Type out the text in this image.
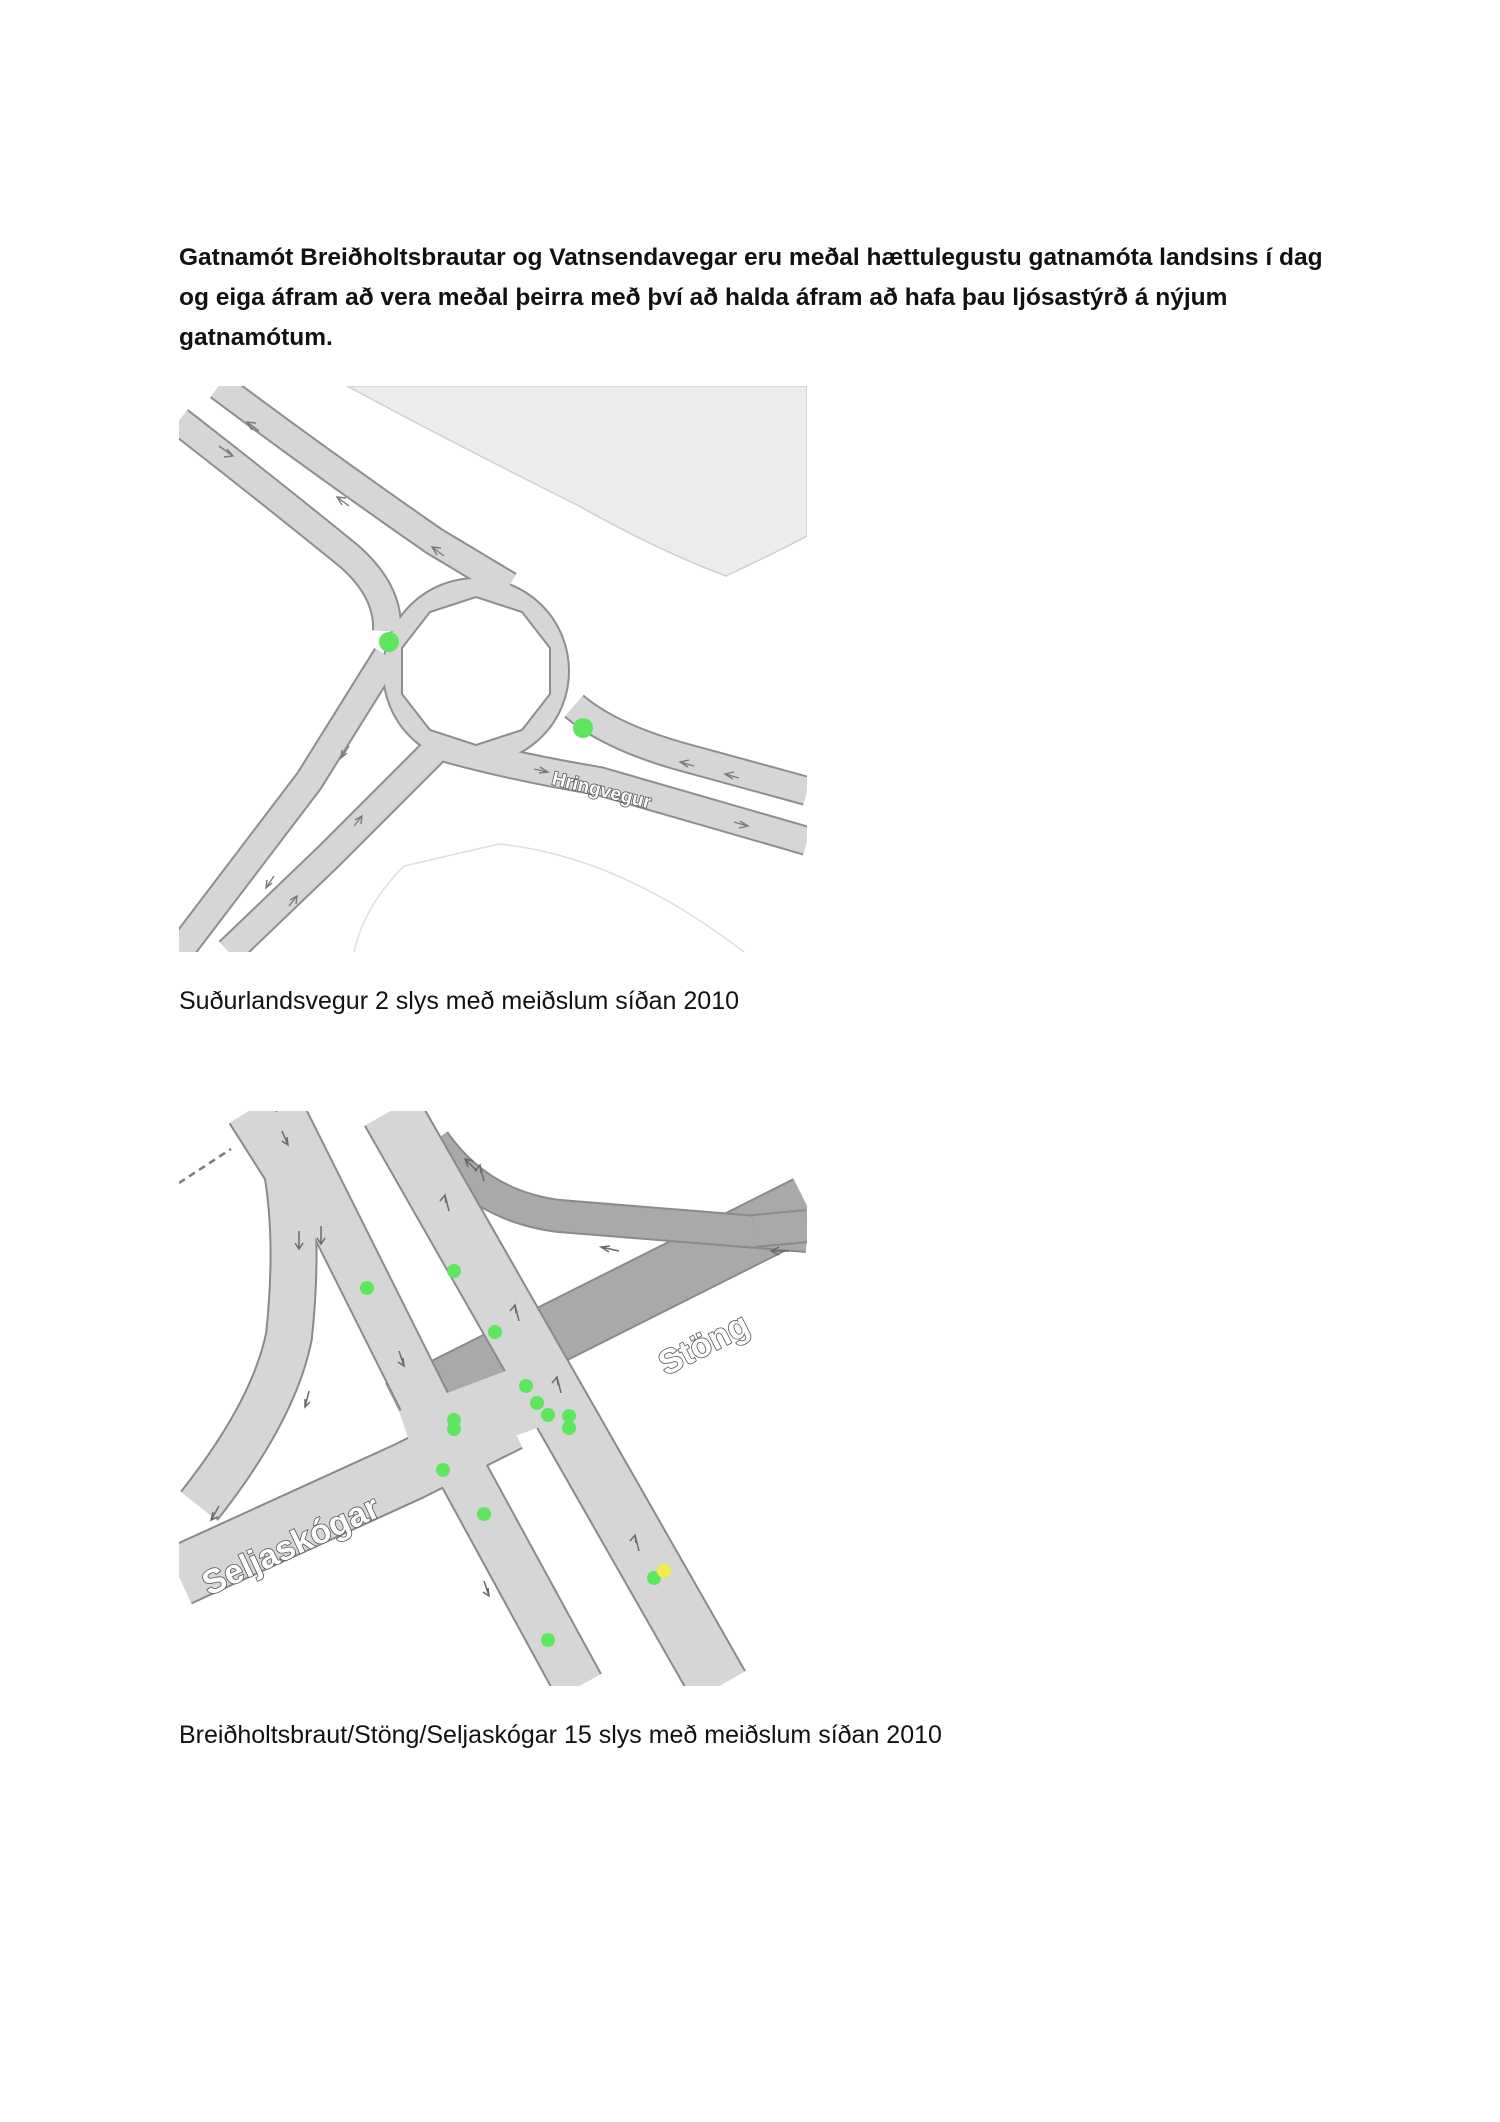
Gatnamót Breiðholtsbrautar og Vatnsendavegar eru meðal hættulegustu gatnamóta landsins í dag og eiga áfram að vera meðal þeirra með því að halda áfram að hafa þau ljósastýrð á nýjum gatnamótum.

Hringvegur

Suðurlandsvegur 2 slys með meiðslum síðan 2010

Stöng
Seljaskógar

Breiðholtsbraut/Stöng/Seljaskógar 15 slys með meiðslum síðan 2010
